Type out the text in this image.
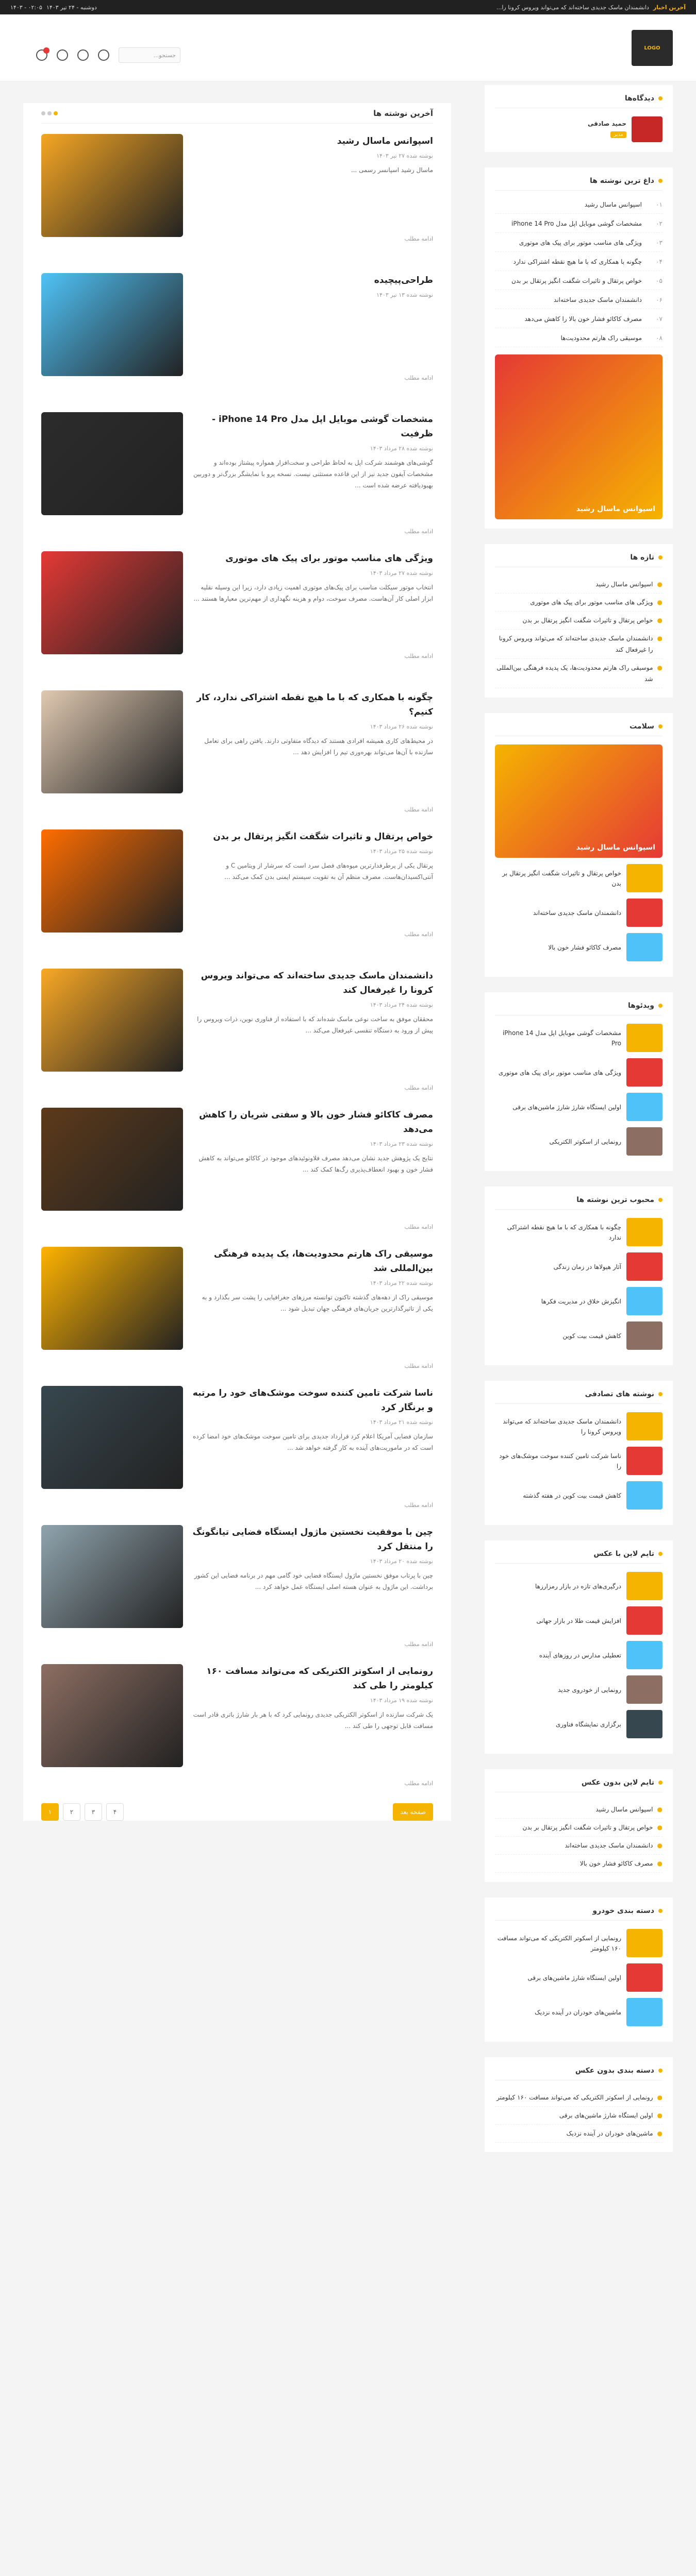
آخرین اخبار
دانشمندان ماسک جدیدی ساخته‌اند که می‌تواند ویروس کرونا را...
دوشنبه - ۲۴ تیر ۱۴۰۳
۰۲:۰۵ - ۱۴۰۳
LOGO
جستجو...
آخرین نوشته ها
اسپوانس ماسال رشید
نوشته شده ۲۷ تیر ۱۴۰۳
ماسال رشید اسپانسر رسمی ...
ادامه مطلب
طراحی‌پیچیده
نوشته شده ۱۳ تیر ۱۴۰۳
ادامه مطلب
مشخصات گوشی موبایل اپل مدل iPhone 14 Pro - ظرفیت
نوشته شده ۲۸ مرداد ۱۴۰۳
گوشی‌های هوشمند شرکت اپل به لحاظ طراحی و سخت‌افزار همواره پیشتاز بوده‌اند و مشخصات آیفون جدید نیز از این قاعده مستثنی نیست. نسخه پرو با نمایشگر بزرگ‌تر و دوربین بهبودیافته عرضه شده است ...
ادامه مطلب
ویژگی های مناسب موتور برای پیک های موتوری
نوشته شده ۲۷ مرداد ۱۴۰۳
انتخاب موتور سیکلت مناسب برای پیک‌های موتوری اهمیت زیادی دارد، زیرا این وسیله نقلیه ابزار اصلی کار آن‌هاست. مصرف سوخت، دوام و هزینه نگهداری از مهم‌ترین معیارها هستند ...
ادامه مطلب
چگونه با همکاری که با ما هیچ نقطه اشتراکی ندارد، کار کنیم؟
نوشته شده ۲۶ مرداد ۱۴۰۳
در محیط‌های کاری همیشه افرادی هستند که دیدگاه متفاوتی دارند. یافتن راهی برای تعامل سازنده با آن‌ها می‌تواند بهره‌وری تیم را افزایش دهد ...
ادامه مطلب
خواص پرتقال و تاثیرات شگفت انگیز پرتقال بر بدن
نوشته شده ۲۵ مرداد ۱۴۰۳
پرتقال یکی از پرطرفدارترین میوه‌های فصل سرد است که سرشار از ویتامین C و آنتی‌اکسیدان‌هاست. مصرف منظم آن به تقویت سیستم ایمنی بدن کمک می‌کند ...
ادامه مطلب
دانشمندان ماسک جدیدی ساخته‌اند که می‌تواند ویروس کرونا را غیرفعال کند
نوشته شده ۲۴ مرداد ۱۴۰۳
محققان موفق به ساخت نوعی ماسک شده‌اند که با استفاده از فناوری نوین، ذرات ویروس را پیش از ورود به دستگاه تنفسی غیرفعال می‌کند ...
ادامه مطلب
مصرف کاکائو فشار خون بالا و سفتی شریان را کاهش می‌دهد
نوشته شده ۲۳ مرداد ۱۴۰۳
نتایج یک پژوهش جدید نشان می‌دهد مصرف فلاونوئیدهای موجود در کاکائو می‌تواند به کاهش فشار خون و بهبود انعطاف‌پذیری رگ‌ها کمک کند ...
ادامه مطلب
موسیقی راک هارتم محدودیت‌ها، یک پدیده فرهنگی بین‌المللی شد
نوشته شده ۲۲ مرداد ۱۴۰۳
موسیقی راک از دهه‌های گذشته تاکنون توانسته مرزهای جغرافیایی را پشت سر بگذارد و به یکی از تاثیرگذارترین جریان‌های فرهنگی جهان تبدیل شود ...
ادامه مطلب
ناسا شرکت تامین کننده سوخت موشک‌های خود را مرتبه و برنگار کرد
نوشته شده ۲۱ مرداد ۱۴۰۳
سازمان فضایی آمریکا اعلام کرد قرارداد جدیدی برای تامین سوخت موشک‌های خود امضا کرده است که در ماموریت‌های آینده به کار گرفته خواهد شد ...
ادامه مطلب
چین با موفقیت نخستین ماژول ایستگاه فضایی تیانگونگ را منتقل کرد
نوشته شده ۲۰ مرداد ۱۴۰۳
چین با پرتاب موفق نخستین ماژول ایستگاه فضایی خود گامی مهم در برنامه فضایی این کشور برداشت. این ماژول به عنوان هسته اصلی ایستگاه عمل خواهد کرد ...
ادامه مطلب
رونمایی از اسکوتر الکتریکی که می‌تواند مسافت ۱۶۰ کیلومتر را طی کند
نوشته شده ۱۹ مرداد ۱۴۰۳
یک شرکت سازنده از اسکوتر الکتریکی جدیدی رونمایی کرد که با هر بار شارژ باتری قادر است مسافت قابل توجهی را طی کند ...
ادامه مطلب
۱	۲	۳	۴	صفحه بعد
دیدگاه‌ها
حمید صادقی
مدیر
داغ ترین نوشته ها
۰۱
اسپوانس ماسال رشید
۰۲
مشخصات گوشی موبایل اپل مدل iPhone 14 Pro
۰۳
ویژگی های مناسب موتور برای پیک های موتوری
۰۴
چگونه با همکاری که با ما هیچ نقطه اشتراکی ندارد
۰۵
خواص پرتقال و تاثیرات شگفت انگیز پرتقال بر بدن
۰۶
دانشمندان ماسک جدیدی ساخته‌اند
۰۷
مصرف کاکائو فشار خون بالا را کاهش می‌دهد
۰۸
موسیقی راک هارتم محدودیت‌ها
اسپوانس ماسال رشید
تازه ها
●
اسپوانس ماسال رشید
●
ویژگی های مناسب موتور برای پیک های موتوری
●
خواص پرتقال و تاثیرات شگفت انگیز پرتقال بر بدن
●
دانشمندان ماسک جدیدی ساخته‌اند که می‌تواند ویروس کرونا را غیرفعال کند
●
موسیقی راک هارتم محدودیت‌ها، یک پدیده فرهنگی بین‌المللی شد
سلامت
اسپوانس ماسال رشید
خواص پرتقال و تاثیرات شگفت انگیز پرتقال بر بدن
دانشمندان ماسک جدیدی ساخته‌اند
مصرف کاکائو فشار خون بالا
ویدئوها
مشخصات گوشی موبایل اپل مدل iPhone 14 Pro
ویژگی های مناسب موتور برای پیک های موتوری
اولین ایستگاه شارژ شارژ ماشین‌های برقی
رونمایی از اسکوتر الکتریکی
محبوب ترین نوشته ها
چگونه با همکاری که با ما هیچ نقطه اشتراکی ندارد
آثار هیولاها در زمان زندگی
انگیزش خلاق در مدیریت فکرها
کاهش قیمت بیت کوین
نوشته های تصادفی
دانشمندان ماسک جدیدی ساخته‌اند که می‌تواند ویروس کرونا را
ناسا شرکت تامین کننده سوخت موشک‌های خود را
کاهش قیمت بیت کوین در هفته گذشته
تایم لاین با عکس
درگیری‌های تازه در بازار رمزارزها
افزایش قیمت طلا در بازار جهانی
تعطیلی مدارس در روزهای آینده
رونمایی از خودروی جدید
برگزاری نمایشگاه فناوری
تایم لاین بدون عکس
●
اسپوانس ماسال رشید
●
خواص پرتقال و تاثیرات شگفت انگیز پرتقال بر بدن
●
دانشمندان ماسک جدیدی ساخته‌اند
●
مصرف کاکائو فشار خون بالا
دسته بندی خودرو
رونمایی از اسکوتر الکتریکی که می‌تواند مسافت ۱۶۰ کیلومتر
اولین ایستگاه شارژ ماشین‌های برقی
ماشین‌های خودران در آینده نزدیک
دسته بندی بدون عکس
●
رونمایی از اسکوتر الکتریکی که می‌تواند مسافت ۱۶۰ کیلومتر
●
اولین ایستگاه شارژ ماشین‌های برقی
●
ماشین‌های خودران در آینده نزدیک
